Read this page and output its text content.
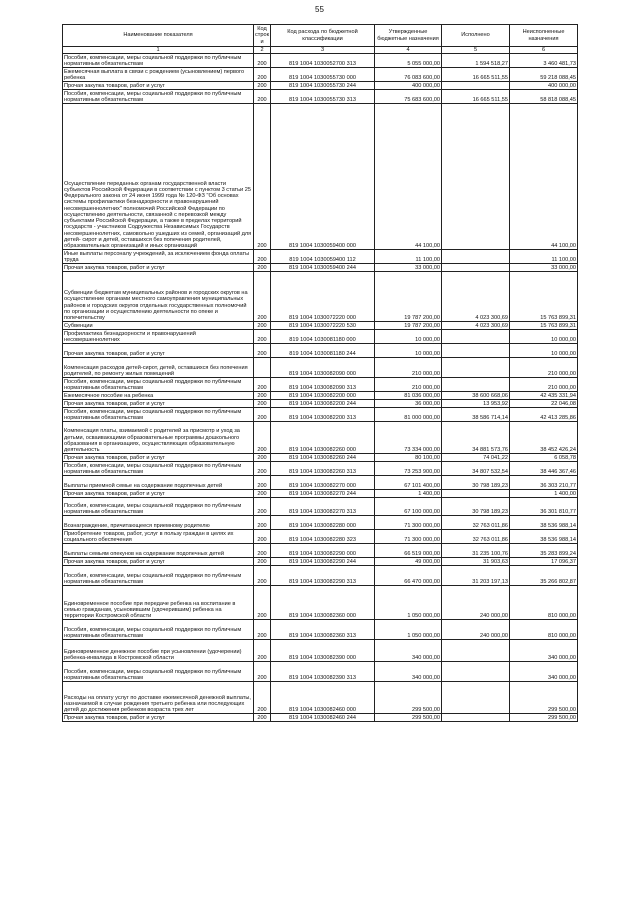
55
Наименование показателя	Код строк и	Код расхода по бюджетной классификации	Утвержденные бюджетные назначения	Исполнено	Неисполненные назначения
1	2	3	4	5	6
Пособия, компенсации, меры социальной поддержки по публичным нормативным обязательствам	200	819 1004 1030052700 313	5 055 000,00	1 594 518,27	3 460 481,73
Ежемесячная выплата в связи с рождением (усыновлением) первого ребенка	200	819 1004 1030055730 000	76 083 600,00	16 665 511,55	59 218 088,45
Прочая закупка товаров, работ и услуг	200	819 1004 1030055730 244	400 000,00		400 000,00
Пособия, компенсации, меры социальной поддержки по публичным нормативным обязательствам	200	819 1004 1030055730 313	75 683 600,00	16 665 511,55	58 818 088,45
Осуществление переданных органам государственной власти субъектов Российской Федерации в соответствии с пунктом 3 статьи 25 Федерального закона от 24 июня 1999 года № 120-ФЗ "Об основах системы профилактики безнадзорности и правонарушений несовершеннолетних" полномочий Российской Федерации по осуществлению деятельности, связанной с перевозкой между субъектами Российской Федерации, а также в пределах территорий государств - участников Содружества Независимых Государств несовершеннолетних, самовольно ушедших из семей, организаций для детей- сирот и детей, оставшихся без попечения родителей, образовательных организаций и иных организаций	200	819 1004 1030059400 000	44 100,00		44 100,00
Иные выплаты персоналу учреждений, за исключением фонда оплаты труда	200	819 1004 1030059400 112	11 100,00		11 100,00
Прочая закупка товаров, работ и услуг	200	819 1004 1030059400 244	33 000,00		33 000,00
Субвенции бюджетам муниципальных районов и городских округов на осуществление органами местного самоуправления муниципальных районов и городских округов отдельных государственных полномочий по организации и осуществлению деятельности по опеке и попечительству	200	819 1004 1030072220 000	19 787 200,00	4 023 300,69	15 763 899,31
Субвенции	200	819 1004 1030072220 530	19 787 200,00	4 023 300,69	15 763 899,31
Профилактика безнадзорности и правонарушений несовершеннолетних	200	819 1004 1030081180 000	10 000,00		10 000,00
Прочая закупка товаров, работ и услуг	200	819 1004 1030081180 244	10 000,00		10 000,00
Компенсация расходов детей-сирот, детей, оставшихся без попечения родителей, по ремонту жилых помещений		819 1004 1030082090 000	210 000,00		210 000,00
Пособия, компенсации, меры социальной поддержки по публичным нормативным обязательствам	200	819 1004 1030082090 313	210 000,00		210 000,00
Ежемесячное пособие на ребенка	200	819 1004 1030082200 000	81 036 000,00	38 600 668,06	42 435 331,94
Прочая закупка товаров, работ и услуг	200	819 1004 1030082200 244	36 000,00	13 953,92	22 046,08
Пособия, компенсации, меры социальной поддержки по публичным нормативным обязательствам	200	819 1004 1030082200 313	81 000 000,00	38 586 714,14	42 413 285,86
Компенсация платы, взимаемой с родителей за присмотр и уход за детьми, осваивающими образовательные программы дошкольного образования в организациях, осуществляющих образовательную деятельность	200	819 1004 1030082260 000	73 334 000,00	34 881 573,76	38 452 426,24
Прочая закупка товаров, работ и услуг	200	819 1004 1030082260 244	80 100,00	74 041,22	6 058,78
Пособия, компенсации, меры социальной поддержки по публичным нормативным обязательствам	200	819 1004 1030082260 313	73 253 900,00	34 807 532,54	38 446 367,46
Выплаты приемной семье на содержание подопечных детей	200	819 1004 1030082270 000	67 101 400,00	30 798 189,23	36 303 210,77
Прочая закупка товаров, работ и услуг	200	819 1004 1030082270 244	1 400,00		1 400,00
Пособия, компенсации, меры социальной поддержки по публичным нормативным обязательствам	200	819 1004 1030082270 313	67 100 000,00	30 798 189,23	36 301 810,77
Вознаграждение, причитающееся приемному родителю	200	819 1004 1030082280 000	71 300 000,00	32 763 011,86	38 536 988,14
Приобретение товаров, работ, услуг в пользу граждан в целях их социального обеспечения	200	819 1004 1030082280 323	71 300 000,00	32 763 011,86	38 536 988,14
Выплаты семьям опекунов на содержание подопечных детей	200	819 1004 1030082290 000	66 519 000,00	31 235 100,76	35 283 899,24
Прочая закупка товаров, работ и услуг	200	819 1004 1030082290 244	49 000,00	31 903,63	17 096,37
Пособия, компенсации, меры социальной поддержки по публичным нормативным обязательствам	200	819 1004 1030082290 313	66 470 000,00	31 203 197,13	35 266 802,87
Единовременное пособие при передаче ребенка на воспитание в семью гражданам, усыновившим (удочерившим) ребенка на территории Костромской области	200	819 1004 1030082360 000	1 050 000,00	240 000,00	810 000,00
Пособия, компенсации, меры социальной поддержки по публичным нормативным обязательствам	200	819 1004 1030082360 313	1 050 000,00	240 000,00	810 000,00
Единовременное денежное пособие при усыновлении (удочерении) ребенка-инвалида в Костромской области	200	819 1004 1030082390 000	340 000,00		340 000,00
Пособия, компенсации, меры социальной поддержки по публичным нормативным обязательствам	200	819 1004 1030082390 313	340 000,00		340 000,00
Расходы на оплату услуг по доставке ежемесячной денежной выплаты, назначаемой в случае рождения третьего ребенка или последующих детей до достижения ребенком возраста трех лет	200	819 1004 1030082460 000	299 500,00		299 500,00
Прочая закупка товаров, работ и услуг	200	819 1004 1030082460 244	299 500,00		299 500,00
